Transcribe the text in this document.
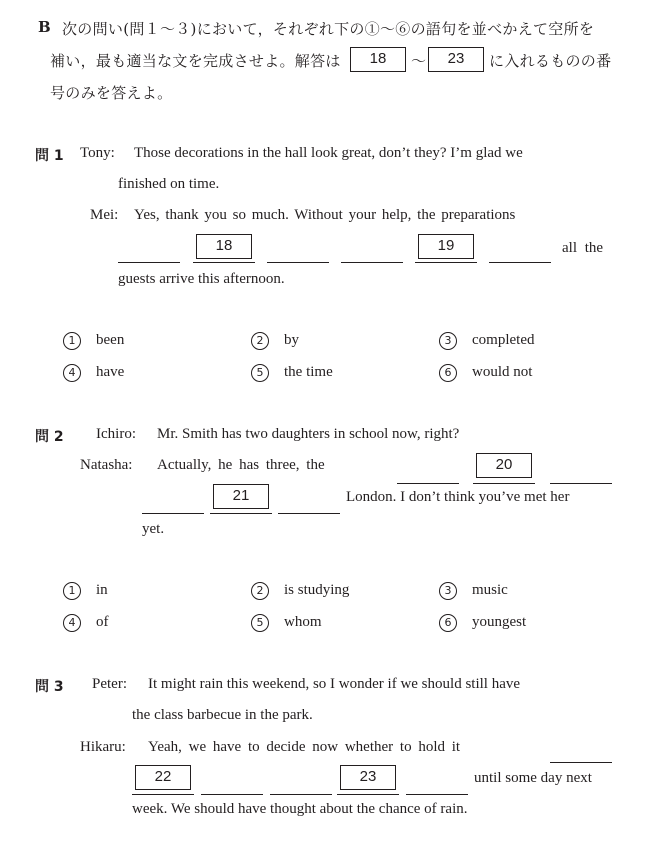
B 次の問い(問１～３)において，それぞれ下の①～⑥の語句を並べかえて空所を
補い，最も適当な文を完成させよ。解答は	18	～	23	に入れるものの番
号のみを答えよ。
問 1 Tony: Those decorations in the hall look great, don’t they? I’m glad we
finished on time.
Mei: Yes, thank you so much. Without your help, the preparations
18	19	all the
guests arrive this afternoon.
1	been	2	by	3	completed
4	have	5	the time	6	would not
問 2 Ichiro: Mr. Smith has two daughters in school now, right?
Natasha: Actually, he has three, the	20
21	London. I don’t think you’ve met her
yet.
1	in	2	is studying	3	music
4	of	5	whom	6	youngest
問 3 Peter: It might rain this weekend, so I wonder if we should still have
the class barbecue in the park.
Hikaru: Yeah, we have to decide now whether to hold it
22	23	until some day next
week. We should have thought about the chance of rain.
